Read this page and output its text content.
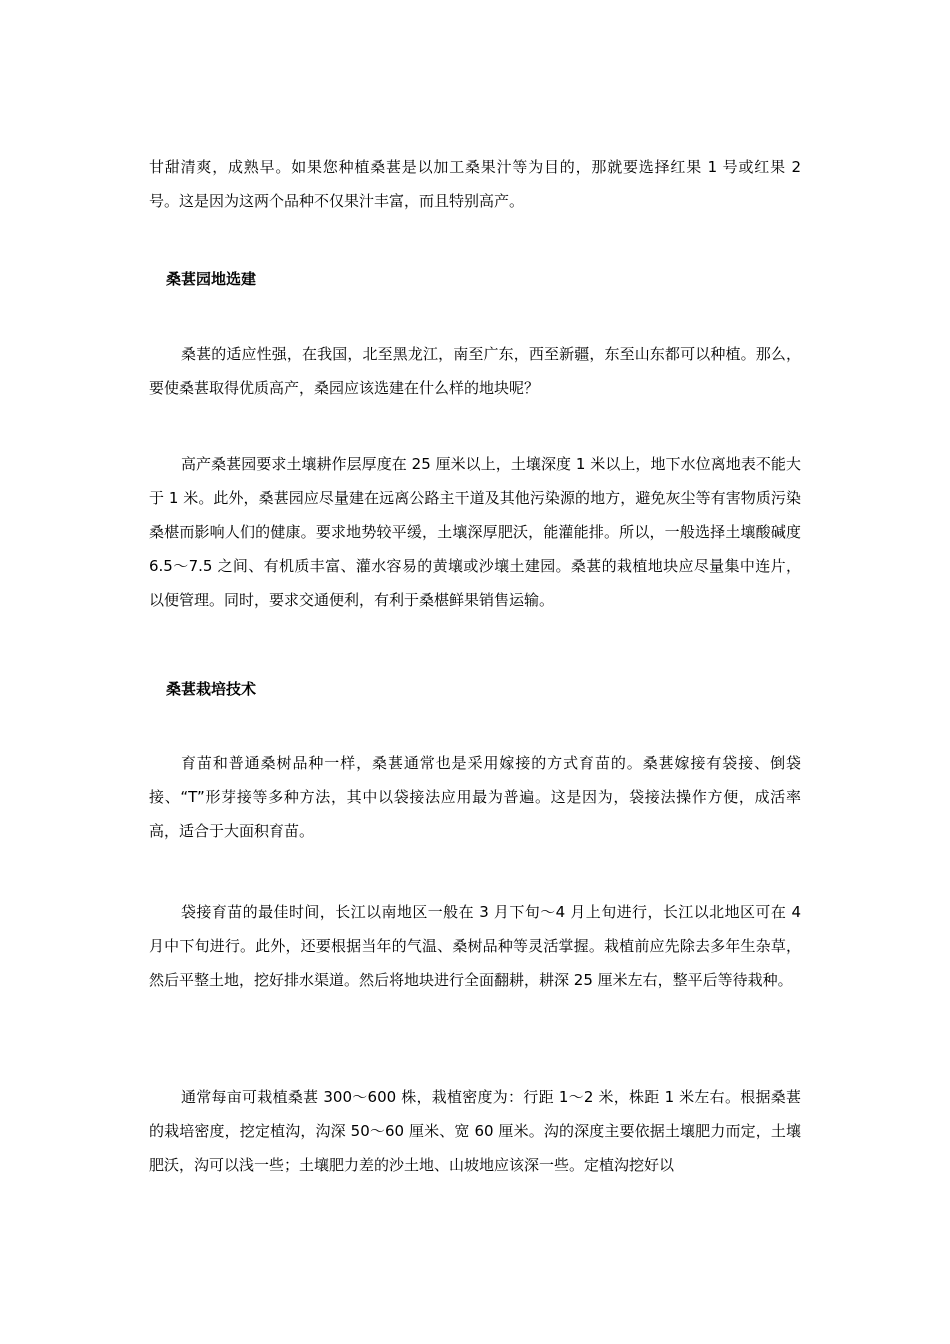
甘甜清爽，成熟早。如果您种植桑葚是以加工桑果汁等为目的，那就要选择红果 1 号或红果 2 号。这是因为这两个品种不仅果汁丰富，而且特别高产。

桑葚园地选建

桑葚的适应性强，在我国，北至黑龙江，南至广东，西至新疆，东至山东都可以种植。那么，要使桑葚取得优质高产，桑园应该选建在什么样的地块呢？

高产桑葚园要求土壤耕作层厚度在 25 厘米以上，土壤深度 1 米以上，地下水位离地表不能大于 1 米。此外，桑葚园应尽量建在远离公路主干道及其他污染源的地方，避免灰尘等有害物质污染桑椹而影响人们的健康。要求地势较平缓，土壤深厚肥沃，能灌能排。所以，一般选择土壤酸碱度 6.5～7.5 之间、有机质丰富、灌水容易的黄壤或沙壤土建园。桑葚的栽植地块应尽量集中连片，以便管理。同时，要求交通便利，有利于桑椹鲜果销售运输。

桑葚栽培技术

育苗和普通桑树品种一样，桑葚通常也是采用嫁接的方式育苗的。桑葚嫁接有袋接、倒袋接、“T”形芽接等多种方法，其中以袋接法应用最为普遍。这是因为，袋接法操作方便，成活率高，适合于大面积育苗。

袋接育苗的最佳时间，长江以南地区一般在 3 月下旬～4 月上旬进行，长江以北地区可在 4 月中下旬进行。此外，还要根据当年的气温、桑树品种等灵活掌握。栽植前应先除去多年生杂草，然后平整土地，挖好排水渠道。然后将地块进行全面翻耕，耕深 25 厘米左右，整平后等待栽种。

通常每亩可栽植桑葚 300～600 株，栽植密度为：行距 1～2 米，株距 1 米左右。根据桑葚的栽培密度，挖定植沟，沟深 50～60 厘米、宽 60 厘米。沟的深度主要依据土壤肥力而定，土壤肥沃，沟可以浅一些；土壤肥力差的沙土地、山坡地应该深一些。定植沟挖好以
